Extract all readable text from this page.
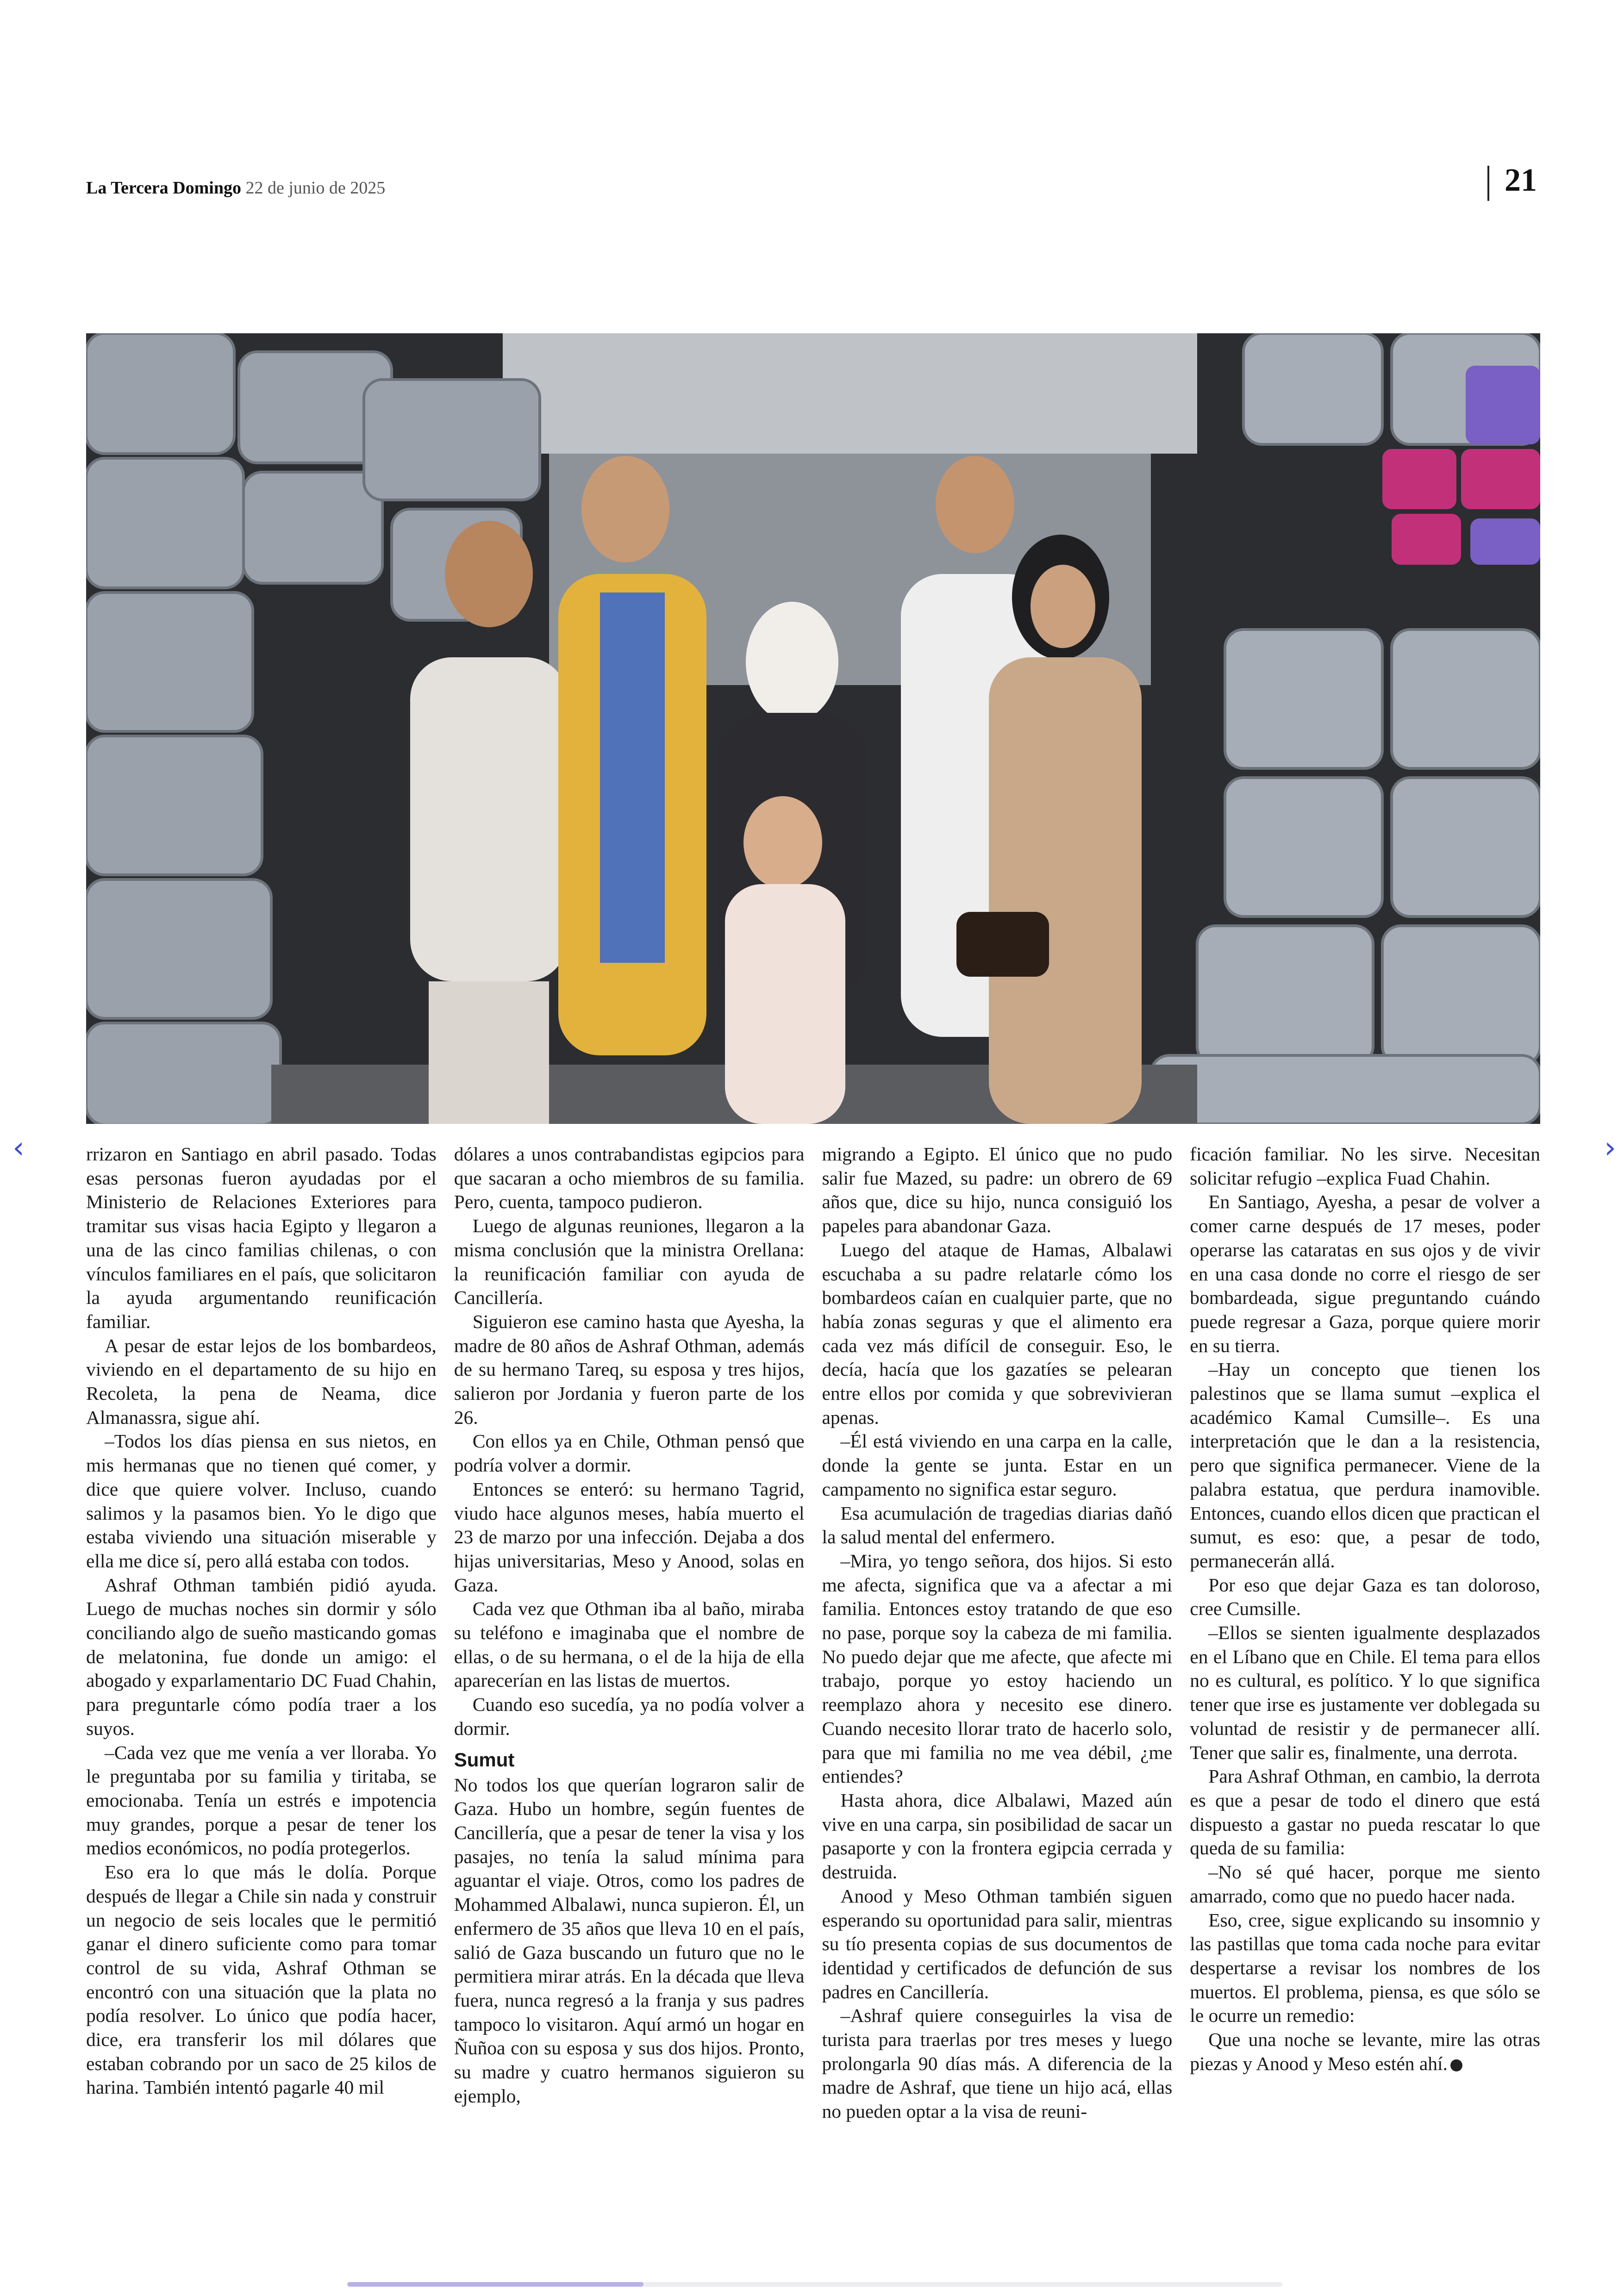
La Tercera Domingo 22 de junio de 2025	21
‹	›

rrizaron en Santiago en abril pasado. Todas esas personas fueron ayudadas por el Ministerio de Relaciones Exteriores para tramitar sus visas hacia Egipto y llegaron a una de las cinco familias chilenas, o con vínculos familiares en el país, que solicitaron la ayuda argumentando reunificación familiar.

A pesar de estar lejos de los bombardeos, viviendo en el departamento de su hijo en Recoleta, la pena de Neama, dice Almanassra, sigue ahí.

–Todos los días piensa en sus nietos, en mis hermanas que no tienen qué comer, y dice que quiere volver. Incluso, cuando salimos y la pasamos bien. Yo le digo que estaba viviendo una situación miserable y ella me dice sí, pero allá estaba con todos.

Ashraf Othman también pidió ayuda. Luego de muchas noches sin dormir y sólo conciliando algo de sueño masticando gomas de melatonina, fue donde un amigo: el abogado y exparlamentario DC Fuad Chahin, para preguntarle cómo podía traer a los suyos.

–Cada vez que me venía a ver lloraba. Yo le preguntaba por su familia y tiritaba, se emocionaba. Tenía un estrés e impotencia muy grandes, porque a pesar de tener los medios económicos, no podía protegerlos.

Eso era lo que más le dolía. Porque después de llegar a Chile sin nada y construir un negocio de seis locales que le permitió ganar el dinero suficiente como para tomar control de su vida, Ashraf Othman se encontró con una situación que la plata no podía resolver. Lo único que podía hacer, dice, era transferir los mil dólares que estaban cobrando por un saco de 25 kilos de harina. También intentó pagarle 40 mil

dólares a unos contrabandistas egipcios para que sacaran a ocho miembros de su familia. Pero, cuenta, tampoco pudieron.

Luego de algunas reuniones, llegaron a la misma conclusión que la ministra Orellana: la reunificación familiar con ayuda de Cancillería.

Siguieron ese camino hasta que Ayesha, la madre de 80 años de Ashraf Othman, además de su hermano Tareq, su esposa y tres hijos, salieron por Jordania y fueron parte de los 26.

Con ellos ya en Chile, Othman pensó que podría volver a dormir.

Entonces se enteró: su hermano Tagrid, viudo hace algunos meses, había muerto el 23 de marzo por una infección. Dejaba a dos hijas universitarias, Meso y Anood, solas en Gaza.

Cada vez que Othman iba al baño, miraba su teléfono e imaginaba que el nombre de ellas, o de su hermana, o el de la hija de ella aparecerían en las listas de muertos.

Cuando eso sucedía, ya no podía volver a dormir.

Sumut

No todos los que querían lograron salir de Gaza. Hubo un hombre, según fuentes de Cancillería, que a pesar de tener la visa y los pasajes, no tenía la salud mínima para aguantar el viaje. Otros, como los padres de Mohammed Albalawi, nunca supieron. Él, un enfermero de 35 años que lleva 10 en el país, salió de Gaza buscando un futuro que no le permitiera mirar atrás. En la década que lleva fuera, nunca regresó a la franja y sus padres tampoco lo visitaron. Aquí armó un hogar en Ñuñoa con su esposa y sus dos hijos. Pronto, su madre y cuatro hermanos siguieron su ejemplo,

migrando a Egipto. El único que no pudo salir fue Mazed, su padre: un obrero de 69 años que, dice su hijo, nunca consiguió los papeles para abandonar Gaza.

Luego del ataque de Hamas, Albalawi escuchaba a su padre relatarle cómo los bombardeos caían en cualquier parte, que no había zonas seguras y que el alimento era cada vez más difícil de conseguir. Eso, le decía, hacía que los gazatíes se pelearan entre ellos por comida y que sobrevivieran apenas.

–Él está viviendo en una carpa en la calle, donde la gente se junta. Estar en un campamento no significa estar seguro.

Esa acumulación de tragedias diarias dañó la salud mental del enfermero.

–Mira, yo tengo señora, dos hijos. Si esto me afecta, significa que va a afectar a mi familia. Entonces estoy tratando de que eso no pase, porque soy la cabeza de mi familia. No puedo dejar que me afecte, que afecte mi trabajo, porque yo estoy haciendo un reemplazo ahora y necesito ese dinero. Cuando necesito llorar trato de hacerlo solo, para que mi familia no me vea débil, ¿me entiendes?

Hasta ahora, dice Albalawi, Mazed aún vive en una carpa, sin posibilidad de sacar un pasaporte y con la frontera egipcia cerrada y destruida.

Anood y Meso Othman también siguen esperando su oportunidad para salir, mientras su tío presenta copias de sus documentos de identidad y certificados de defunción de sus padres en Cancillería.

–Ashraf quiere conseguirles la visa de turista para traerlas por tres meses y luego prolongarla 90 días más. A diferencia de la madre de Ashraf, que tiene un hijo acá, ellas no pueden optar a la visa de reuni-

ficación familiar. No les sirve. Necesitan solicitar refugio –explica Fuad Chahin.

En Santiago, Ayesha, a pesar de volver a comer carne después de 17 meses, poder operarse las cataratas en sus ojos y de vivir en una casa donde no corre el riesgo de ser bombardeada, sigue preguntando cuándo puede regresar a Gaza, porque quiere morir en su tierra.

–Hay un concepto que tienen los palestinos que se llama sumut –explica el académico Kamal Cumsille–. Es una interpretación que le dan a la resistencia, pero que significa permanecer. Viene de la palabra estatua, que perdura inamovible. Entonces, cuando ellos dicen que practican el sumut, es eso: que, a pesar de todo, permanecerán allá.

Por eso que dejar Gaza es tan doloroso, cree Cumsille.

–Ellos se sienten igualmente desplazados en el Líbano que en Chile. El tema para ellos no es cultural, es político. Y lo que significa tener que irse es justamente ver doblegada su voluntad de resistir y de permanecer allí. Tener que salir es, finalmente, una derrota.

Para Ashraf Othman, en cambio, la derrota es que a pesar de todo el dinero que está dispuesto a gastar no pueda rescatar lo que queda de su familia:

–No sé qué hacer, porque me siento amarrado, como que no puedo hacer nada.

Eso, cree, sigue explicando su insomnio y las pastillas que toma cada noche para evitar despertarse a revisar los nombres de los muertos. El problema, piensa, es que sólo se le ocurre un remedio:

Que una noche se levante, mire las otras piezas y Anood y Meso estén ahí.
